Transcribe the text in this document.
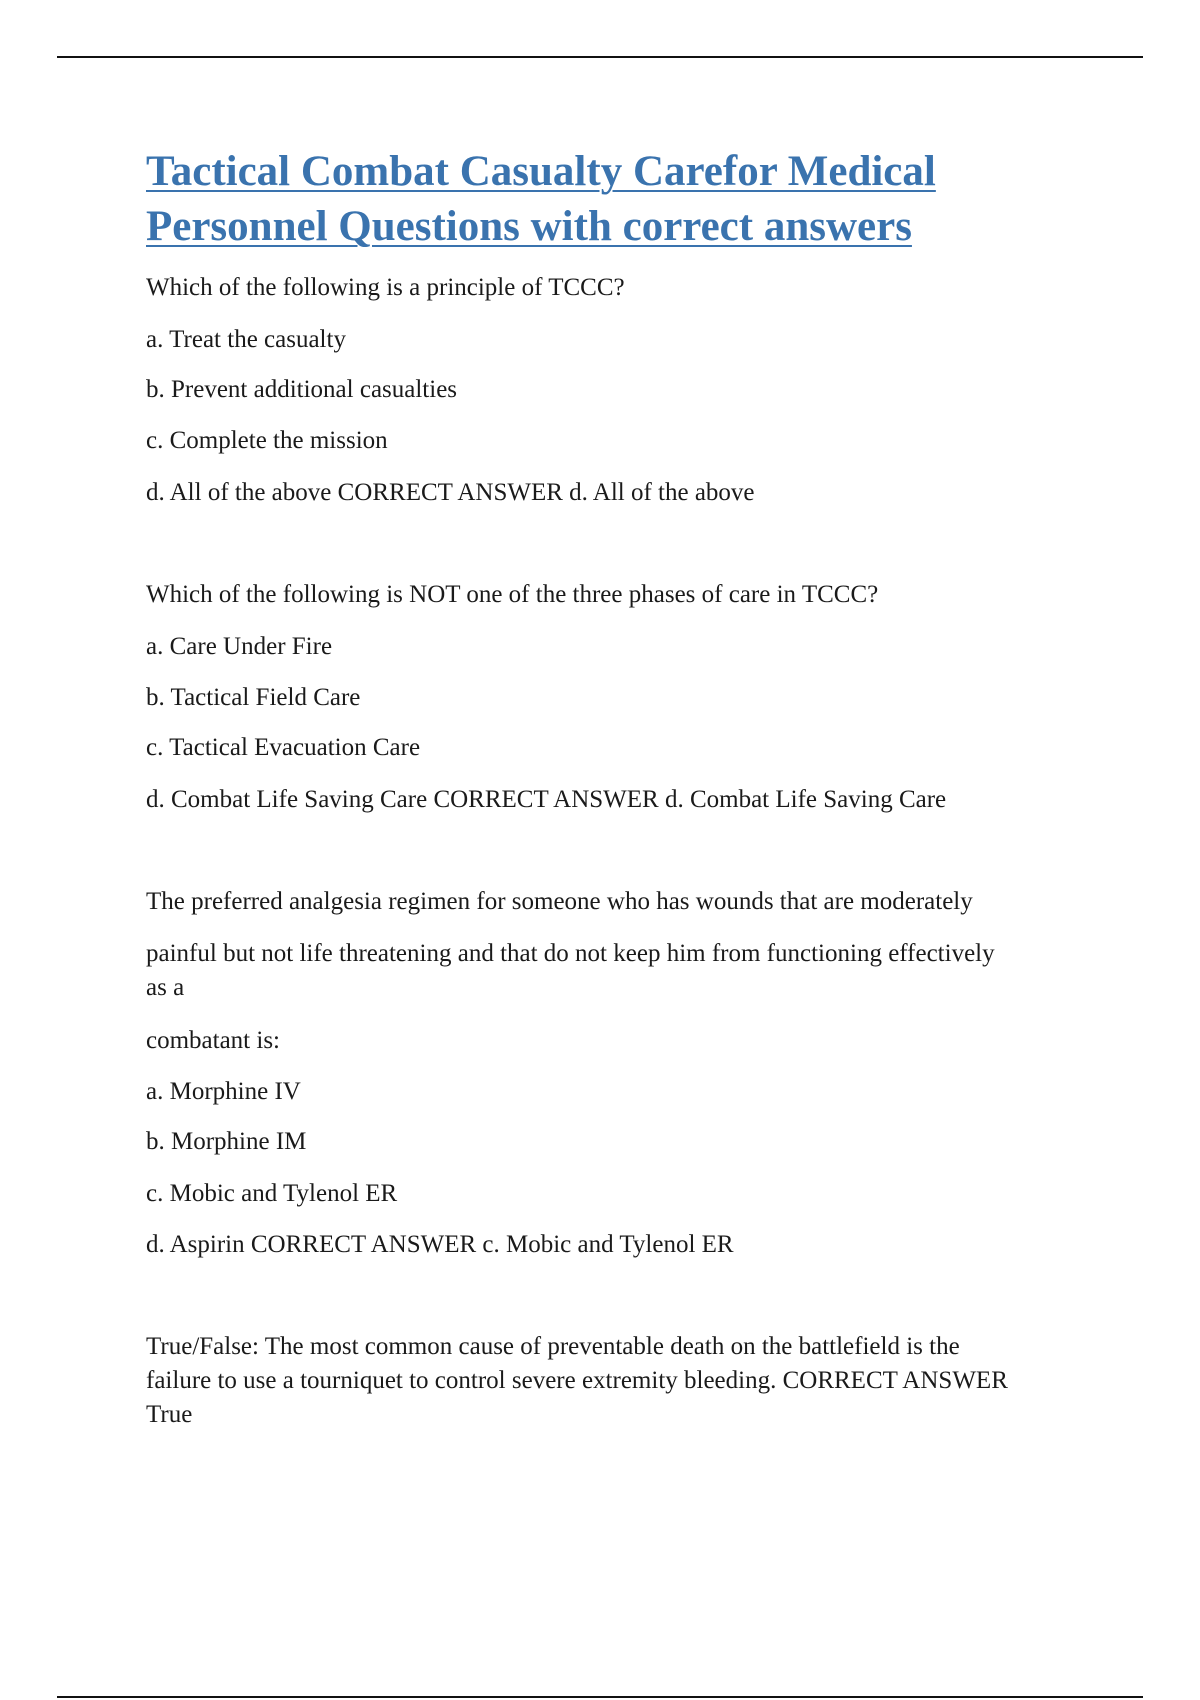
Tactical Combat Casualty Carefor Medical
Personnel Questions with correct answers

Which of the following is a principle of TCCC?

a. Treat the casualty

b. Prevent additional casualties

c. Complete the mission

d. All of the above CORRECT ANSWER d. All of the above

Which of the following is NOT one of the three phases of care in TCCC?

a. Care Under Fire

b. Tactical Field Care

c. Tactical Evacuation Care

d. Combat Life Saving Care CORRECT ANSWER d. Combat Life Saving Care

The preferred analgesia regimen for someone who has wounds that are moderately

painful but not life threatening and that do not keep him from functioning effectively as a

combatant is:

a. Morphine IV

b. Morphine IM

c. Mobic and Tylenol ER

d. Aspirin CORRECT ANSWER c. Mobic and Tylenol ER

True/False: The most common cause of preventable death on the battlefield is the failure to use a tourniquet to control severe extremity bleeding. CORRECT ANSWER True
